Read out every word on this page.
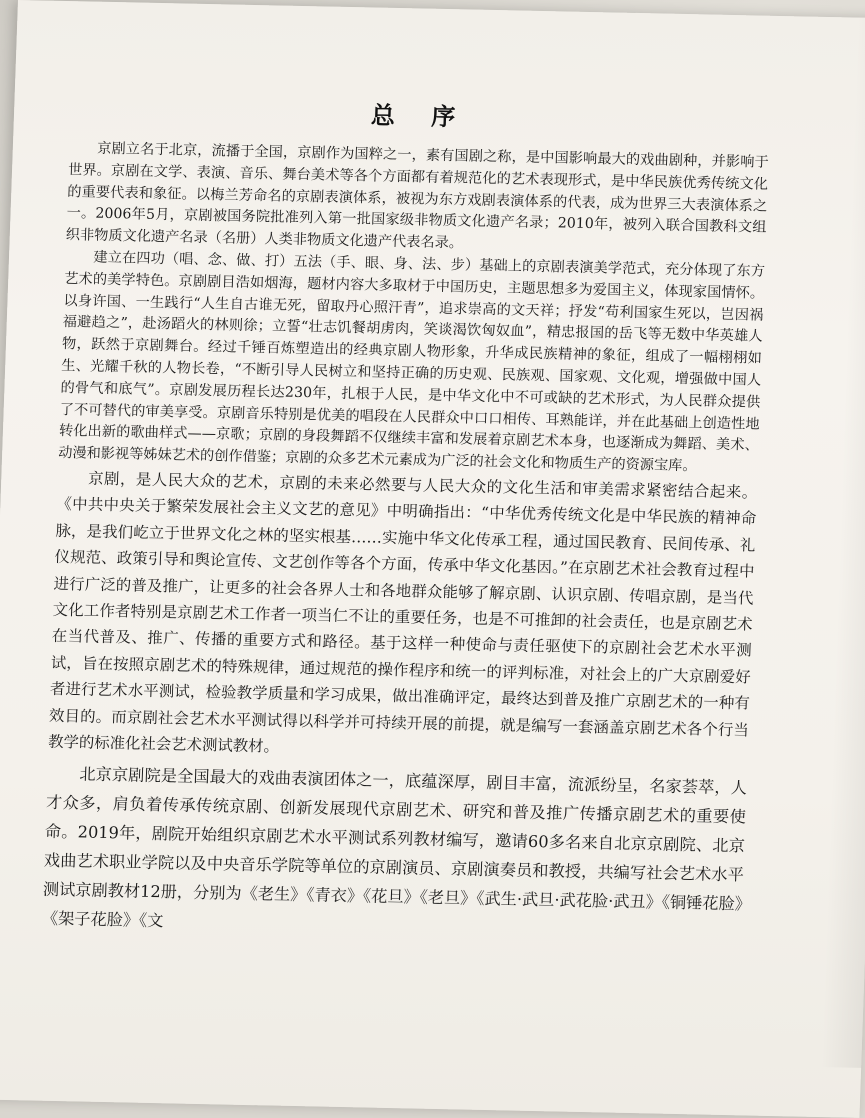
​	总 序

京剧立名于北京，流播于全国，京剧作为国粹之一，素有国剧之称，是中国影响最大的戏曲剧种，并影响于世界。京剧在文学、表演、音乐、舞台美术等各个方面都有着规范化的艺术表现形式，是中华民族优秀传统文化的重要代表和象征。以梅兰芳命名的京剧表演体系，被视为东方戏剧表演体系的代表，成为世界三大表演体系之一。2006年5月，京剧被国务院批准列入第一批国家级非物质文化遗产名录；2010年，被列入联合国教科文组织非物质文化遗产名录（名册）人类非物质文化遗产代表名录。

建立在四功（唱、念、做、打）五法（手、眼、身、法、步）基础上的京剧表演美学范式，充分体现了东方艺术的美学特色。京剧剧目浩如烟海，题材内容大多取材于中国历史，主题思想多为爱国主义，体现家国情怀。以身许国、一生践行“人生自古谁无死，留取丹心照汗青”，追求崇高的文天祥；抒发“苟利国家生死以，岂因祸福避趋之”，赴汤蹈火的林则徐；立誓“壮志饥餐胡虏肉，笑谈渴饮匈奴血”，精忠报国的岳飞等无数中华英雄人物，跃然于京剧舞台。经过千锤百炼塑造出的经典京剧人物形象，升华成民族精神的象征，组成了一幅栩栩如生、光耀千秋的人物长卷，“不断引导人民树立和坚持正确的历史观、民族观、国家观、文化观，增强做中国人的骨气和底气”。京剧发展历程长达230年，扎根于人民，是中华文化中不可或缺的艺术形式，为人民群众提供了不可替代的审美享受。京剧音乐特别是优美的唱段在人民群众中口口相传、耳熟能详，并在此基础上创造性地转化出新的歌曲样式——京歌；京剧的身段舞蹈不仅继续丰富和发展着京剧艺术本身，也逐渐成为舞蹈、美术、动漫和影视等姊妹艺术的创作借鉴；京剧的众多艺术元素成为广泛的社会文化和物质生产的资源宝库。

京剧，是人民大众的艺术，京剧的未来必然要与人民大众的文化生活和审美需求紧密结合起来。《中共中央关于繁荣发展社会主义文艺的意见》中明确指出：“中华优秀传统文化是中华民族的精神命脉，是我们屹立于世界文化之林的坚实根基……实施中华文化传承工程，通过国民教育、民间传承、礼仪规范、政策引导和舆论宣传、文艺创作等各个方面，传承中华文化基因。”在京剧艺术社会教育过程中进行广泛的普及推广，让更多的社会各界人士和各地群众能够了解京剧、认识京剧、传唱京剧，是当代文化工作者特别是京剧艺术工作者一项当仁不让的重要任务，也是不可推卸的社会责任，也是京剧艺术在当代普及、推广、传播的重要方式和路径。基于这样一种使命与责任驱使下的京剧社会艺术水平测试，旨在按照京剧艺术的特殊规律，通过规范的操作程序和统一的评判标准，对社会上的广大京剧爱好者进行艺术水平测试，检验教学质量和学习成果，做出准确评定，最终达到普及推广京剧艺术的一种有效目的。而京剧社会艺术水平测试得以科学并可持续开展的前提，就是编写一套涵盖京剧艺术各个行当教学的标准化社会艺术测试教材。

北京京剧院是全国最大的戏曲表演团体之一，底蕴深厚，剧目丰富，流派纷呈，名家荟萃，人才众多，肩负着传承传统京剧、创新发展现代京剧艺术、研究和普及推广传播京剧艺术的重要使命。2019年，剧院开始组织京剧艺术水平测试系列教材编写，邀请60多名来自北京京剧院、北京戏曲艺术职业学院以及中央音乐学院等单位的京剧演员、京剧演奏员和教授，共编写社会艺术水平测试京剧教材12册，分别为《老生》《青衣》《花旦》《老旦》《武生·武旦·武花脸·武丑》《铜锤花脸》《架子花脸》《文
